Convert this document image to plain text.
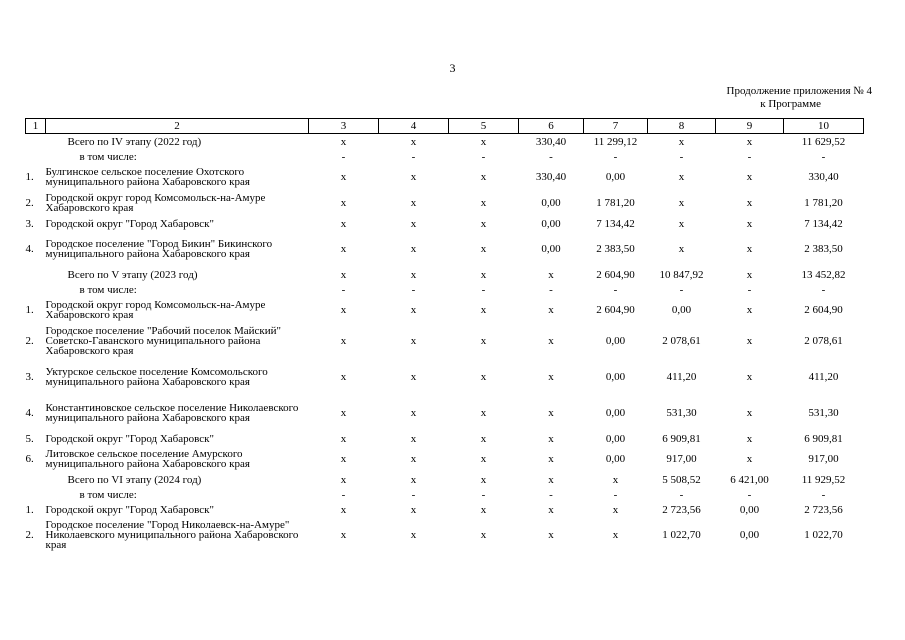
3
Продолжение приложения № 4
к Программе
1	2	3	4	5	6	7	8	9	10
	Всего по IV этапу (2022 год)	х	х	х	330,40	11 299,12	х	х	11 629,52
	в том числе:	-	-	-	-	-	-	-	-
1.	Булгинское сельское поселение Охотского муниципального района Хабаровского края	х	х	х	330,40	0,00	х	х	330,40
2.	Городской округ город Комсомольск-на-Амуре Хабаровского края	х	х	х	0,00	1 781,20	х	х	1 781,20
3.	Городской округ "Город Хабаровск"	х	х	х	0,00	7 134,42	х	х	7 134,42
4.	Городское поселение "Город Бикин" Бикинского муниципального района Хабаровского края	х	х	х	0,00	2 383,50	х	х	2 383,50
	Всего по V этапу (2023 год)	х	х	х	х	2 604,90	10 847,92	х	13 452,82
	в том числе:	-	-	-	-	-	-	-	-
1.	Городской округ город Комсомольск-на-Амуре Хабаровского края	х	х	х	х	2 604,90	0,00	х	2 604,90
2.	Городское поселение "Рабочий поселок Майский" Советско-Гаванского муниципального района Хабаровского края	х	х	х	х	0,00	2 078,61	х	2 078,61
3.	Уктурское сельское поселение Комсомольского муниципального района Хабаровского края	х	х	х	х	0,00	411,20	х	411,20
4.	Константиновское сельское поселение Николаевского муниципального района Хабаровского края	х	х	х	х	0,00	531,30	х	531,30
5.	Городской округ "Город Хабаровск"	х	х	х	х	0,00	6 909,81	х	6 909,81
6.	Литовское сельское поселение Амурского муниципального района Хабаровского края	х	х	х	х	0,00	917,00	х	917,00
	Всего по VI этапу (2024 год)	х	х	х	х	х	5 508,52	6 421,00	11 929,52
	в том числе:	-	-	-	-	-	-	-	-
1.	Городской округ "Город Хабаровск"	х	х	х	х	х	2 723,56	0,00	2 723,56
2.	Городское поселение "Город Николаевск-на-Амуре" Николаевского муниципального района Хабаровского края	х	х	х	х	х	1 022,70	0,00	1 022,70
